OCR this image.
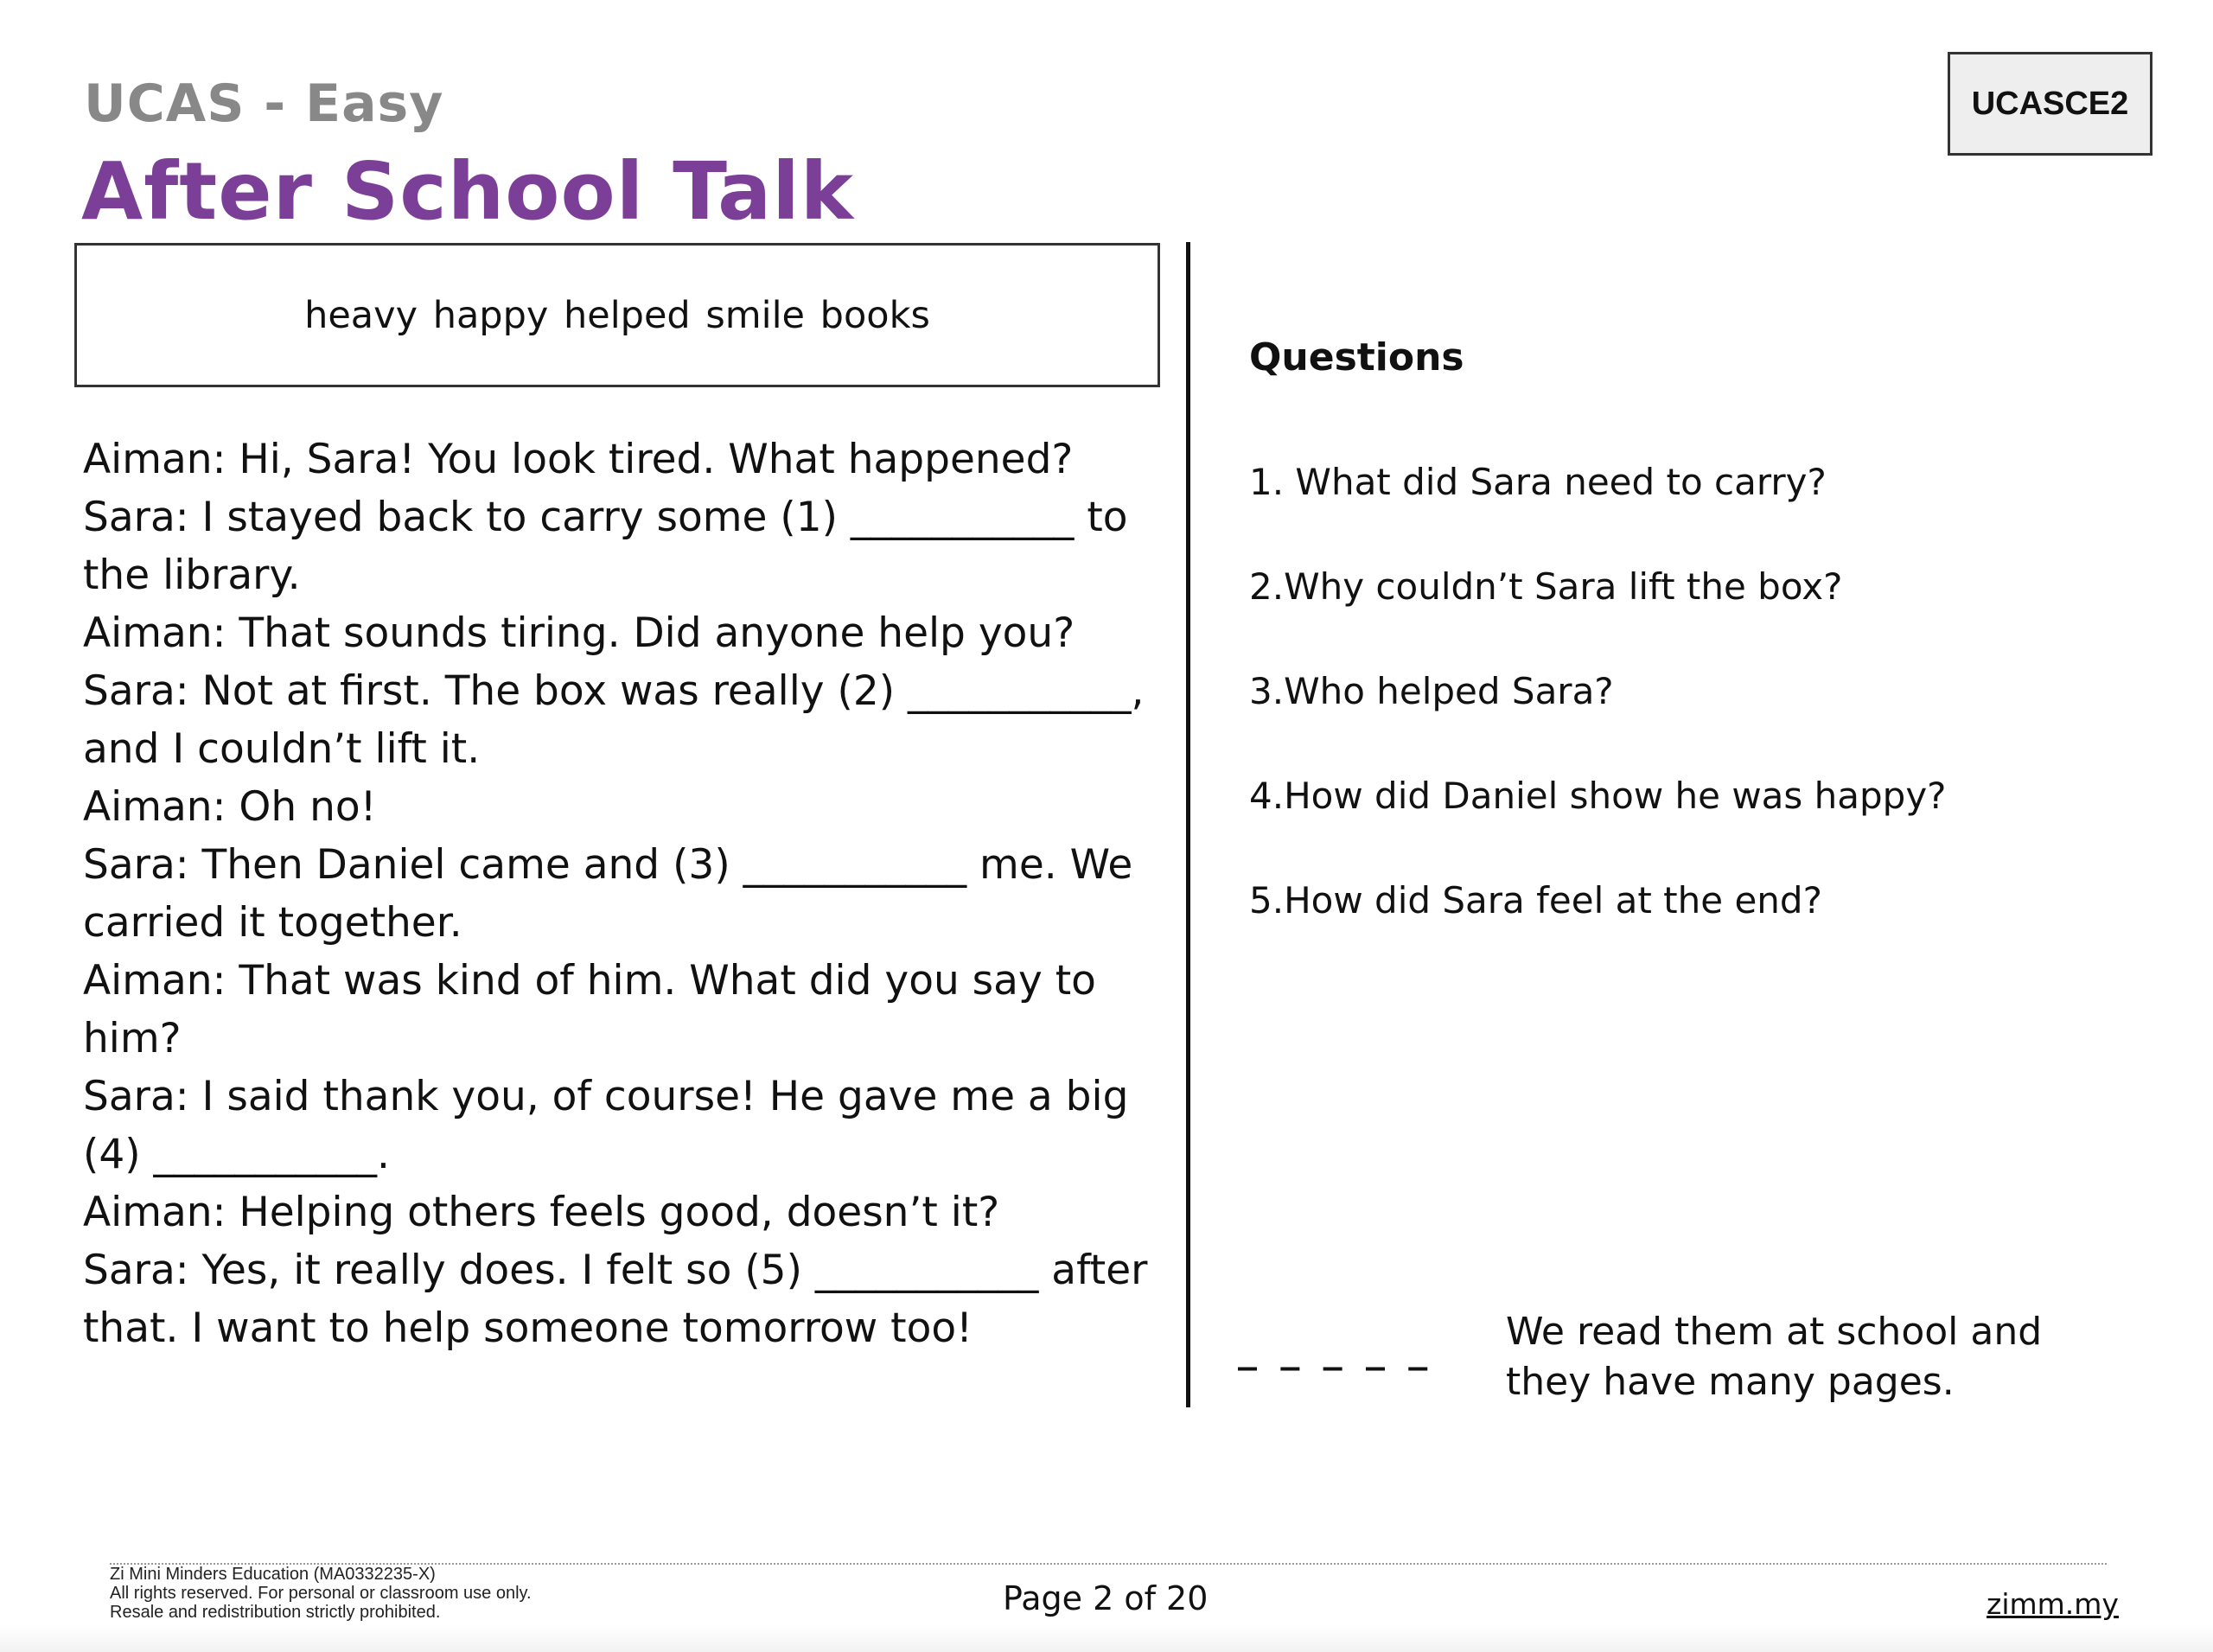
UCAS - Easy
After School Talk
UCASCE2
heavy happy helped smile books

Aiman: Hi, Sara! You look tired. What happened?

Sara: I stayed back to carry some (1) ___________ to the library.

Aiman: That sounds tiring. Did anyone help you?

Sara: Not at first. The box was really (2) ___________, and I couldn’t lift it.

Aiman: Oh no!

Sara: Then Daniel came and (3) ___________ me. We carried it together.

Aiman: That was kind of him. What did you say to him?

Sara: I said thank you, of course! He gave me a big (4) ___________.

Aiman: Helping others feels good, doesn’t it?

Sara: Yes, it really does. I felt so (5) ___________ after that. I want to help someone tomorrow too!

Questions

1. What did Sara need to carry?

2.Why couldn’t Sara lift the box?

3.Who helped Sara?

4.How did Daniel show he was happy?

5.How did Sara feel at the end?

_ _ _ _ _ We read them at school and they have many pages.

Zi Mini Minders Education (MA0332235-X)
All rights reserved. For personal or classroom use only.
Resale and redistribution strictly prohibited.	Page 2 of 20	zimm.my
